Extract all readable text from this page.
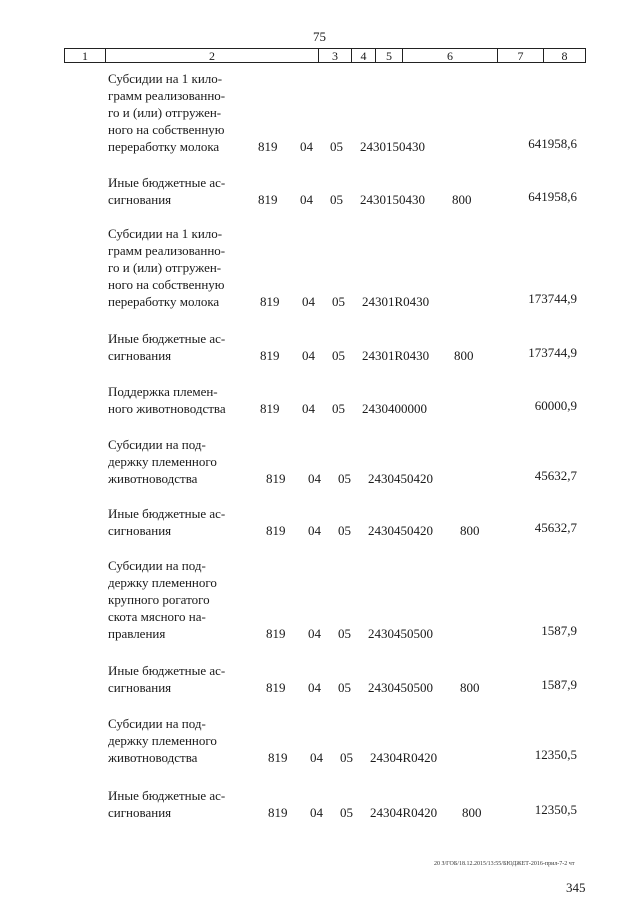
75
1	2	3	4	5	6	7	8
Субсидии на 1 кило-
грамм реализованно-
го и (или) отгружен-
ного на собственную
переработку молока	819 04 05 2430150430	641958,6
Иные бюджетные ас-
сигнования	819 04 05 2430150430 800	641958,6
Субсидии на 1 кило-
грамм реализованно-
го и (или) отгружен-
ного на собственную
переработку молока	819 04 05 24301R0430	173744,9
Иные бюджетные ас-
сигнования	819 04 05 24301R0430 800	173744,9
Поддержка племен-
ного животноводства	819 04 05 2430400000	60000,9
Субсидии на под-
держку племенного
животноводства	819 04 05 2430450420	45632,7
Иные бюджетные ас-
сигнования	819 04 05 2430450420 800	45632,7
Субсидии на под-
держку племенного
крупного рогатого
скота мясного на-
правления	819 04 05 2430450500	1587,9
Иные бюджетные ас-
сигнования	819 04 05 2430450500 800	1587,9
Субсидии на под-
держку племенного
животноводства	819 04 05 24304R0420	12350,5
Иные бюджетные ас-
сигнования	819 04 05 24304R0420 800	12350,5
20 З/ГОБ/18.12.2015/13:55/БЮДЖЕТ-2016-прил-7-2 чт
345
